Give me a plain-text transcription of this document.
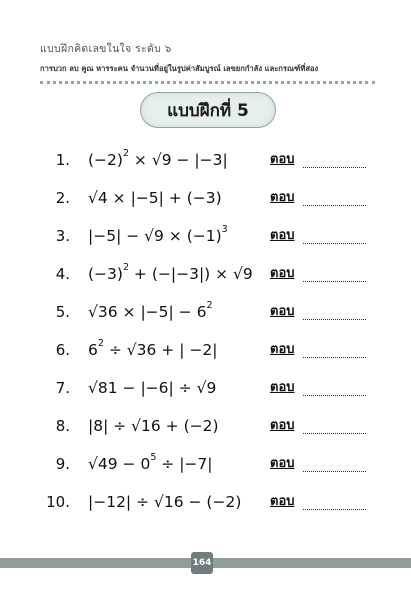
แบบฝึกคิดเลขในใจ ระดับ ๖
การบวก ลบ คูณ หารระคน จำนวนที่อยู่ในรูปค่าสัมบูรณ์ เลขยกกำลัง และกรณฑ์ที่สอง
แบบฝึกที่ 5
1. $(-2)^2 \times √9 - |-3|$	ตอบ
2. √4 × |−5| + (−3)	ตอบ
3. $|-5| - √9 \times (-1)^3$	ตอบ
4. $(-3)^2 + (-|-3|) \times √9$ ตอบ
5. $√36 \times |-5| - 6^2$	ตอบ
6. $6^2 \div √36$ + | −2|	ตอบ
7. √81 − |−6| ÷ √9	ตอบ
8. |8| ÷ √16 + (−2)	ตอบ
9. $√49 - 0^5 \div |-7|$	ตอบ
10. |−12| ÷ √16 − (−2) ตอบ
164
